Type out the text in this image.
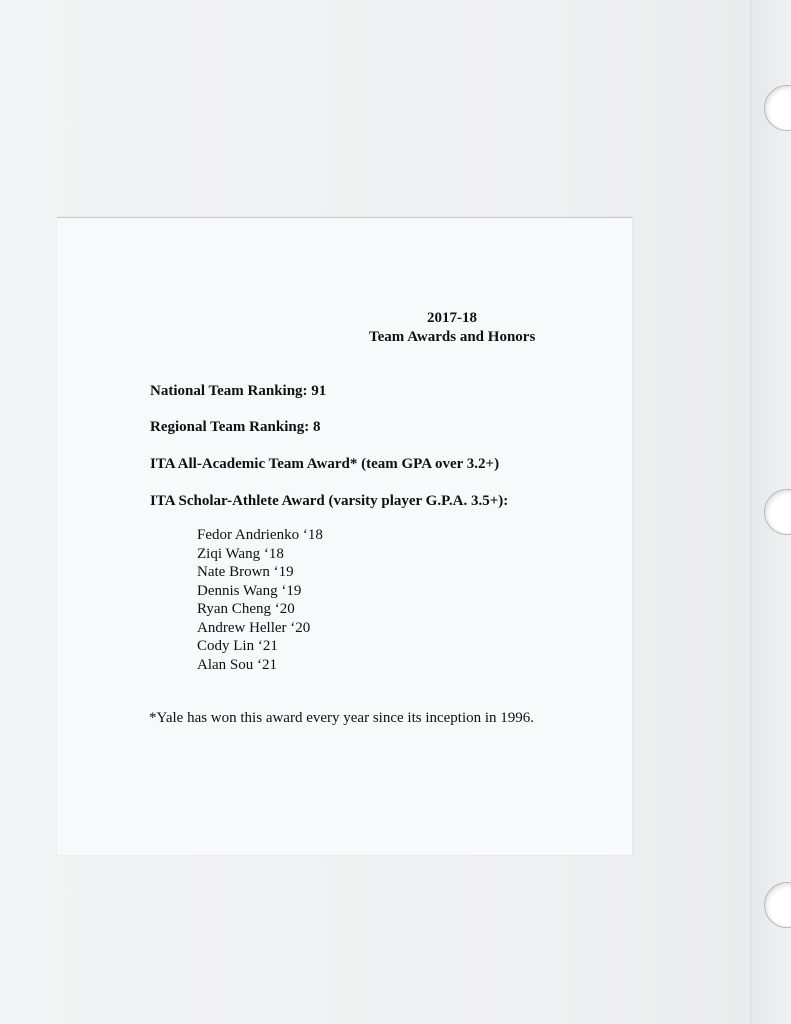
2017-18
Team Awards and Honors
National Team Ranking: 91
Regional Team Ranking: 8
ITA All-Academic Team Award* (team GPA over 3.2+)
ITA Scholar-Athlete Award (varsity player G.P.A. 3.5+):
Fedor Andrienko ‘18
Ziqi Wang ‘18
Nate Brown ‘19
Dennis Wang ‘19
Ryan Cheng ‘20
Andrew Heller ‘20
Cody Lin ‘21
Alan Sou ‘21
*Yale has won this award every year since its inception in 1996.
